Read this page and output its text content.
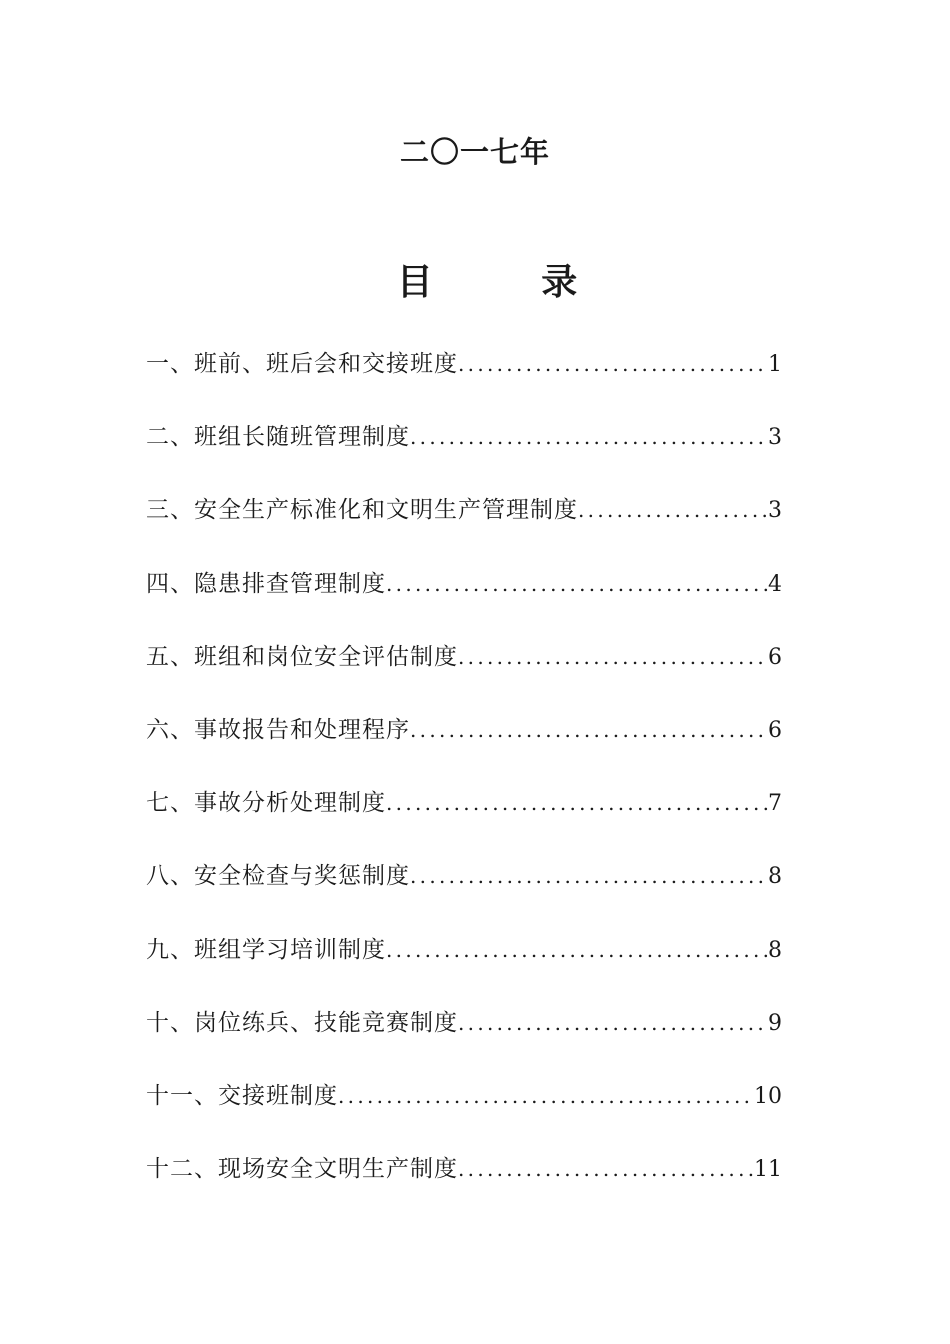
二〇一七年
目 录
一、班前、班后会和交接班度 .....	1
二、班组长随班管理制度 .....	3
三、安全生产标准化和文明生产管理制度 .....	3
四、隐患排查管理制度 .....	4
五、班组和岗位安全评估制度 .....	6
六、事故报告和处理程序 .....	6
七、事故分析处理制度 .....	7
八、安全检查与奖惩制度 .....	8
九、班组学习培训制度 .....	8
十、岗位练兵、技能竞赛制度 .....	9
十一、交接班制度 .....	10
十二、现场安全文明生产制度 .....	11
